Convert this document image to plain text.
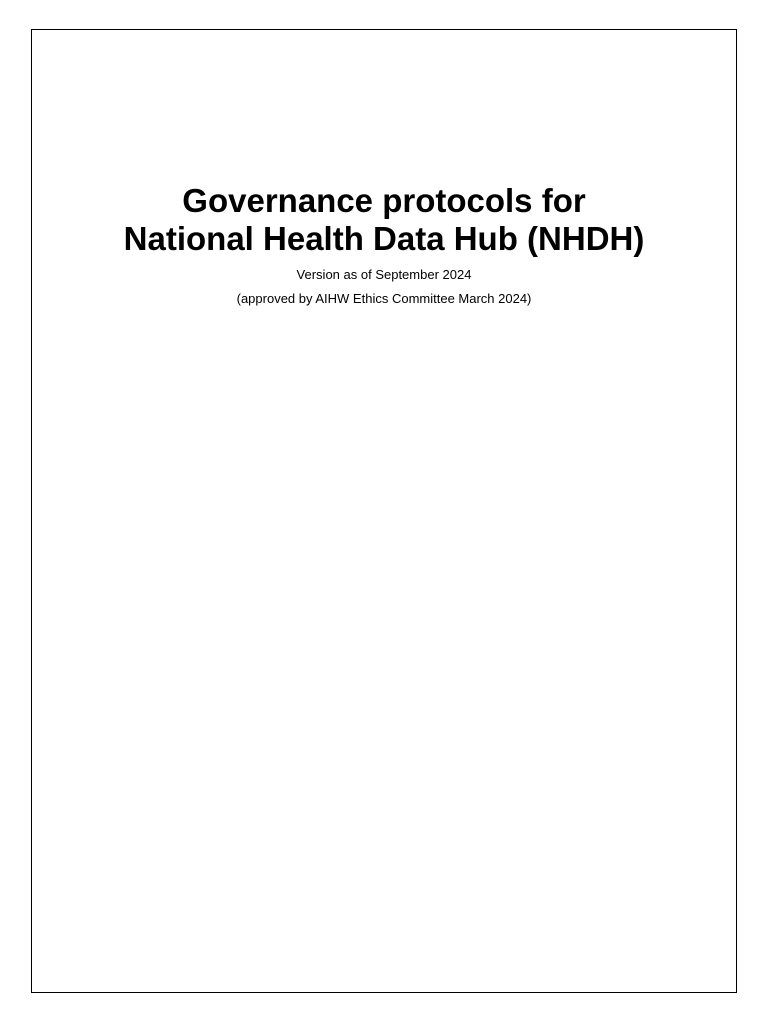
Governance protocols for
National Health Data Hub (NHDH)

Version as of September 2024

(approved by AIHW Ethics Committee March 2024)
